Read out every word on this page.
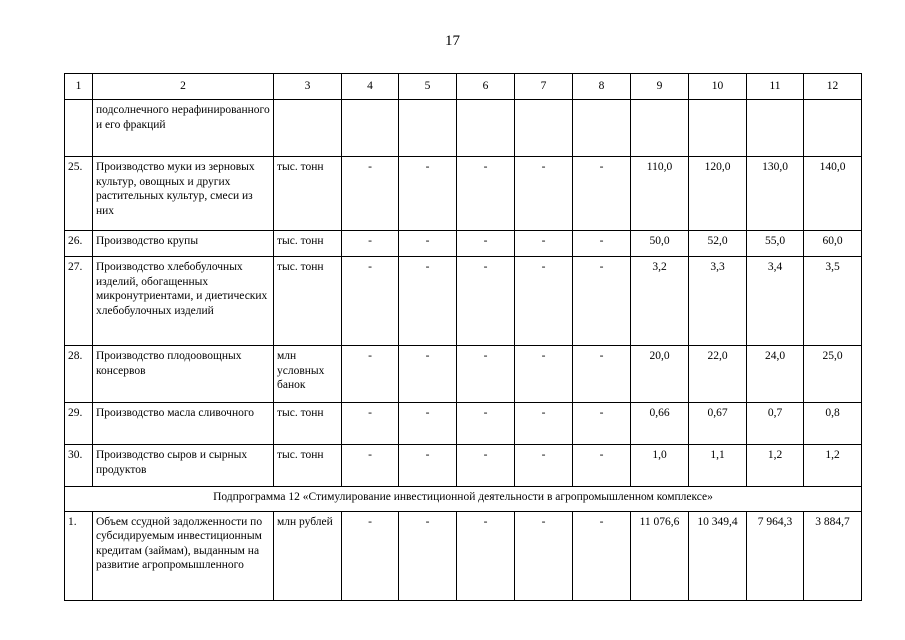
17
1	2	3	4	5	6	7	8	9	10	11	12
	подсолнечного нерафинированного и его фракций										
25.	Производство муки из зерновых культур, овощных и других растительных культур, смеси из них	тыс. тонн	-	-	-	-	-	110,0	120,0	130,0	140,0
26.	Производство крупы	тыс. тонн	-	-	-	-	-	50,0	52,0	55,0	60,0
27.	Производство хлебобулочных изделий, обогащенных микронутриентами, и диетических хлебобулочных изделий	тыс. тонн	-	-	-	-	-	3,2	3,3	3,4	3,5
28.	Производство плодоовощных консервов	млн условных банок	-	-	-	-	-	20,0	22,0	24,0	25,0
29.	Производство масла сливочного	тыс. тонн	-	-	-	-	-	0,66	0,67	0,7	0,8
30.	Производство сыров и сырных продуктов	тыс. тонн	-	-	-	-	-	1,0	1,1	1,2	1,2
Подпрограмма 12 «Стимулирование инвестиционной деятельности в агропромышленном комплексе»											
1.	Объем ссудной задолженности по субсидируемым инвестиционным кредитам (займам), выданным на развитие агропромышленного	млн рублей	-	-	-	-	-	11 076,6	10 349,4	7 964,3	3 884,7
